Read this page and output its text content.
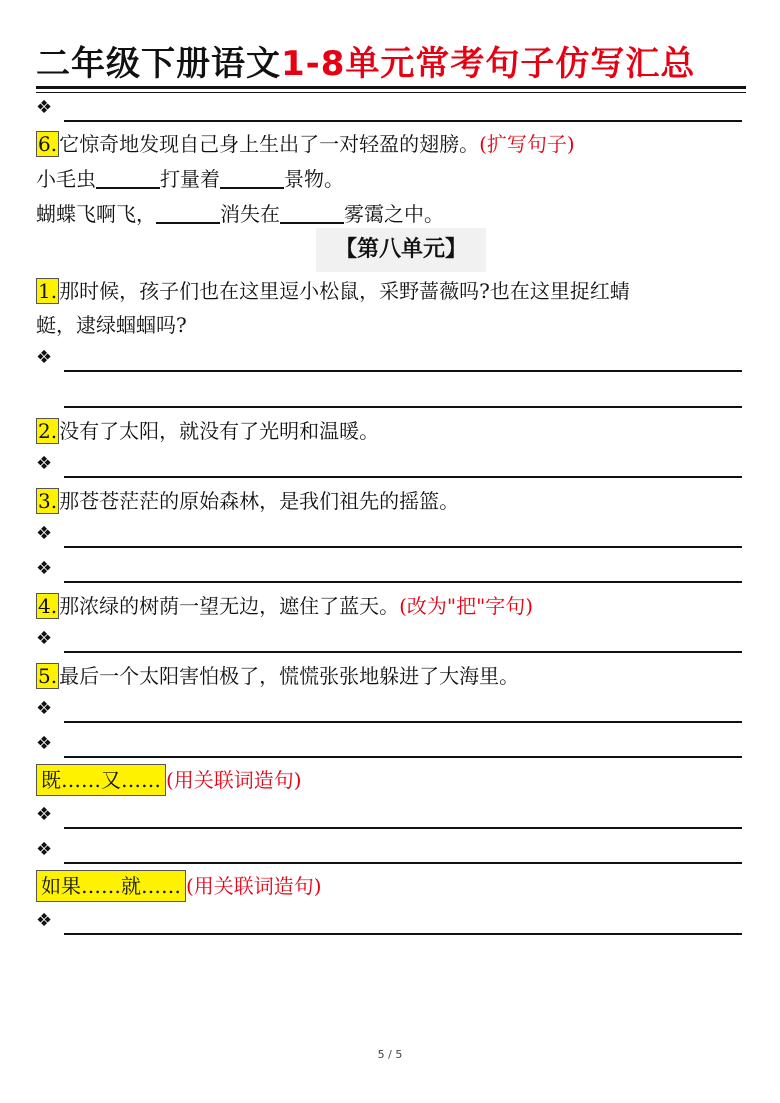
二年级下册语文1-8单元常考句子仿写汇总
❖
6. 它惊奇地发现自己身上生出了一对轻盈的翅膀。(扩写句子)
小毛虫	打量着	景物。
蝴蝶飞啊飞，	消失在	雾霭之中。
【第八单元】
1. 那时候，孩子们也在这里逗小松鼠，采野蔷薇吗?也在这里捉红蜻
蜓，逮绿蝈蝈吗?
❖
2. 没有了太阳，就没有了光明和温暖。
❖
3. 那苍苍茫茫的原始森林，是我们祖先的摇篮。
❖
❖
4. 那浓绿的树荫一望无边，遮住了蓝天。(改为"把"字句)
❖
5. 最后一个太阳害怕极了，慌慌张张地躲进了大海里。
❖
❖
既……又…… (用关联词造句)
❖
❖
如果……就…… (用关联词造句)
❖
5 / 5
